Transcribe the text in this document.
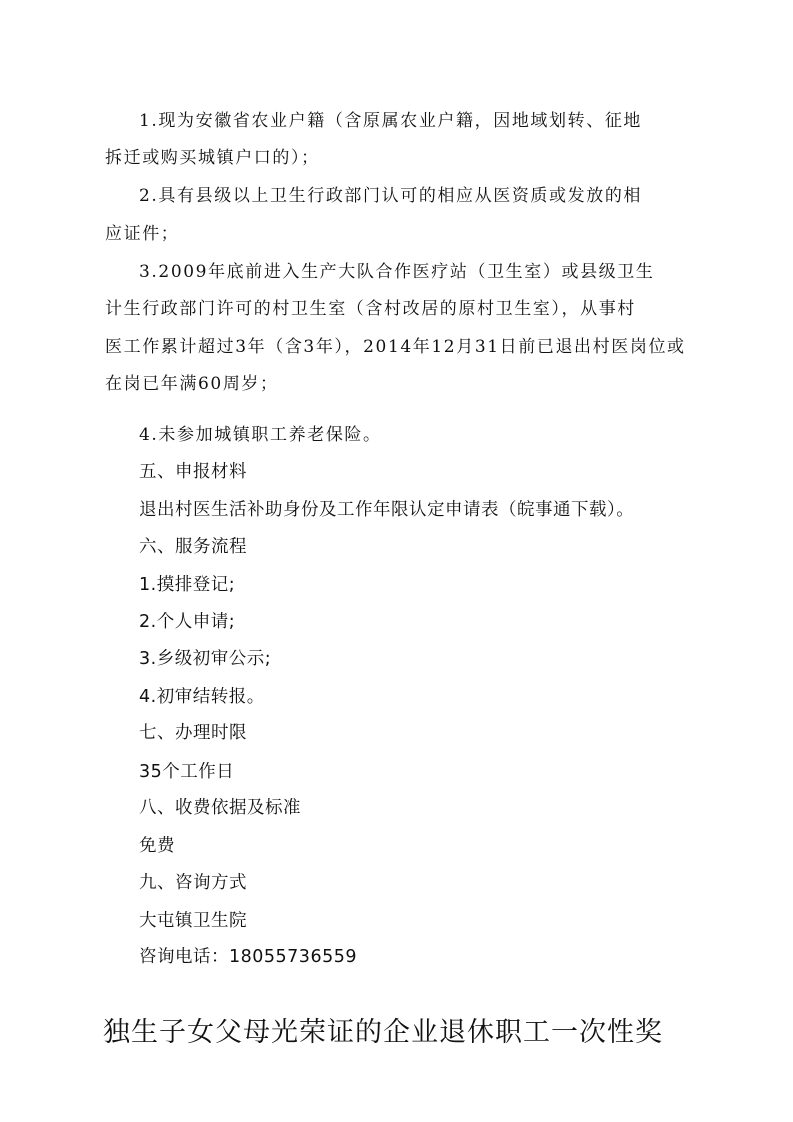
1.现为安徽省农业户籍（含原属农业户籍，因地域划转、征地
拆迁或购买城镇户口的）；
2.具有县级以上卫生行政部门认可的相应从医资质或发放的相
应证件；
3.2009年底前进入生产大队合作医疗站（卫生室）或县级卫生
计生行政部门许可的村卫生室（含村改居的原村卫生室），从事村
医工作累计超过3年（含3年），2014年12月31日前已退出村医岗位或
在岗已年满60周岁；
4.未参加城镇职工养老保险。
五、申报材料
退出村医生活补助身份及工作年限认定申请表（皖事通下载）。
六、服务流程
1.摸排登记;
2.个人申请;
3.乡级初审公示;
4.初审结转报。
七、办理时限
35个工作日
八、收费依据及标准
免费
九、咨询方式
大屯镇卫生院
咨询电话：18055736559
独生子女父母光荣证的企业退休职工一次性奖
